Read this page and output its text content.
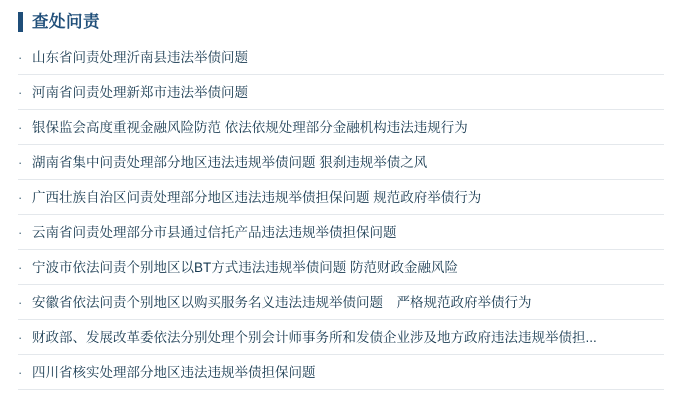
查处问责
· 山东省问责处理沂南县违法举债问题
· 河南省问责处理新郑市违法举债问题
· 银保监会高度重视金融风险防范 依法依规处理部分金融机构违法违规行为
· 湖南省集中问责处理部分地区违法违规举债问题 狠刹违规举债之风
· 广西壮族自治区问责处理部分地区违法违规举债担保问题 规范政府举债行为
· 云南省问责处理部分市县通过信托产品违法违规举债担保问题
· 宁波市依法问责个别地区以BT方式违法违规举债问题 防范财政金融风险
· 安徽省依法问责个别地区以购买服务名义违法违规举债问题　严格规范政府举债行为
· 财政部、发展改革委依法分别处理个别会计师事务所和发债企业涉及地方政府违法违规举债担...
· 四川省核实处理部分地区违法违规举债担保问题
